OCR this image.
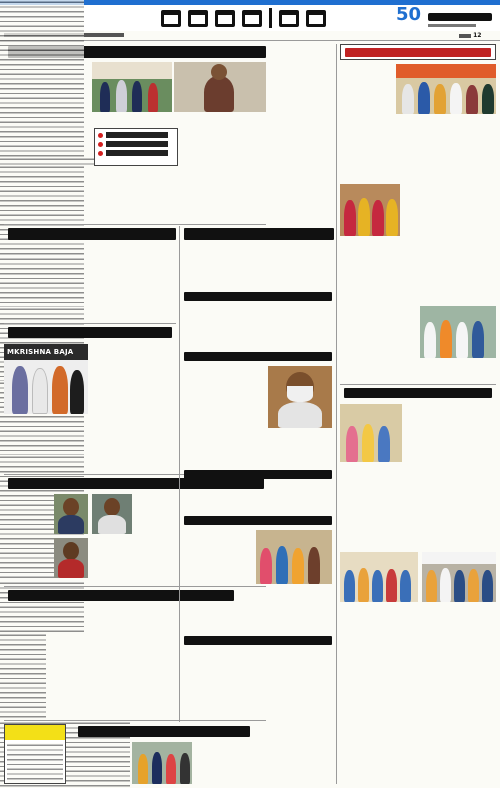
50
12
MKRISHNA BAJA
